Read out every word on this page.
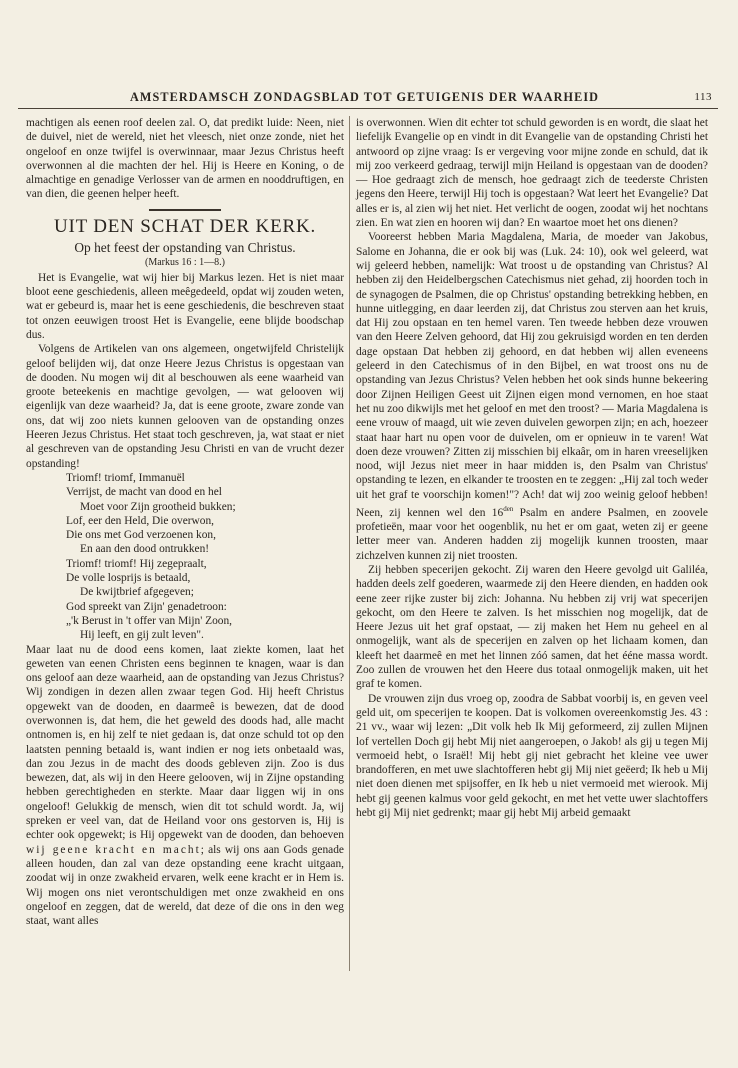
AMSTERDAMSCH ZONDAGSBLAD TOT GETUIGENIS DER WAARHEID	113

machtigen als eenen roof deelen zal. O, dat predikt luide: Neen, niet de duivel, niet de wereld, niet het vleesch, niet onze zonde, niet het ongeloof en onze twijfel is overwinnaar, maar Jezus Christus heeft overwonnen al die machten der hel. Hij is Heere en Koning, o de almachtige en genadige Verlosser van de armen en nooddruftigen, en van dien, die geenen helper heeft.

UIT DEN SCHAT DER KERK.
Op het feest der opstanding van Christus.
(Markus 16 : 1—8.)

Het is Evangelie, wat wij hier bij Markus lezen. Het is niet maar bloot eene geschiedenis, alleen meêgedeeld, opdat wij zouden weten, wat er gebeurd is, maar het is eene geschiedenis, die beschreven staat tot onzen eeuwigen troost Het is Evangelie, eene blijde boodschap dus.

Volgens de Artikelen van ons algemeen, ongetwijfeld Christelijk geloof belijden wij, dat onze Heere Jezus Christus is opgestaan van de dooden. Nu mogen wij dit al beschouwen als eene waarheid van groote beteekenis en machtige gevolgen, — wat gelooven wij eigenlijk van deze waarheid? Ja, dat is eene groote, zware zonde van ons, dat wij zoo niets kunnen gelooven van de opstanding onzes Heeren Jezus Christus. Het staat toch geschreven, ja, wat staat er niet al geschreven van de opstanding Jesu Christi en van de vrucht dezer opstanding!

Triomf! triomf, Immanuël
Verrijst, de macht van dood en hel
Moet voor Zijn grootheid bukken;
Lof, eer den Held, Die overwon,
Die ons met God verzoenen kon,
En aan den dood ontrukken!
Triomf! triomf! Hij zegepraalt,
De volle losprijs is betaald,
De kwijtbrief afgegeven;
God spreekt van Zijn' genadetroon:
„'k Berust in 't offer van Mijn' Zoon,
Hij leeft, en gij zult leven".

Maar laat nu de dood eens komen, laat ziekte komen, laat het geweten van eenen Christen eens beginnen te knagen, waar is dan ons geloof aan deze waarheid, aan de opstanding van Jezus Christus? Wij zondigen in dezen allen zwaar tegen God. Hij heeft Christus opgewekt van de dooden, en daarmeê is bewezen, dat de dood overwonnen is, dat hem, die het geweld des doods had, alle macht ontnomen is, en hij zelf te niet gedaan is, dat onze schuld tot op den laatsten penning betaald is, want indien er nog iets onbetaald was, dan zou Jezus in de macht des doods gebleven zijn. Zoo is dus bewezen, dat, als wij in den Heere gelooven, wij in Zijne opstanding hebben gerechtigheden en sterkte. Maar daar liggen wij in ons ongeloof! Gelukkig de mensch, wien dit tot schuld wordt. Ja, wij spreken er veel van, dat de Heiland voor ons gestorven is, Hij is echter ook opgewekt; is Hij opgewekt van de dooden, dan behoeven wij geene kracht en macht; als wij ons aan Gods genade alleen houden, dan zal van deze opstanding eene kracht uitgaan, zoodat wij in onze zwakheid ervaren, welk eene kracht er in Hem is. Wij mogen ons niet verontschuldigen met onze zwakheid en ons ongeloof en zeggen, dat de wereld, dat deze of die ons in den weg staat, want alles

is overwonnen. Wien dit echter tot schuld geworden is en wordt, die slaat het liefelijk Evangelie op en vindt in dit Evangelie van de opstanding Christi het antwoord op zijne vraag: Is er vergeving voor mijne zonde en schuld, dat ik mij zoo verkeerd gedraag, terwijl mijn Heiland is opgestaan van de dooden? — Hoe gedraagt zich de mensch, hoe gedraagt zich de teederste Christen jegens den Heere, terwijl Hij toch is opgestaan? Wat leert het Evangelie? Dat alles er is, al zien wij het niet. Het verlicht de oogen, zoodat wij het nochtans zien. En wat zien en hooren wij dan? En waartoe moet het ons dienen?

Vooreerst hebben Maria Magdalena, Maria, de moeder van Jakobus, Salome en Johanna, die er ook bij was (Luk. 24: 10), ook wel geleerd, wat wij geleerd hebben, namelijk: Wat troost u de opstanding van Christus? Al hebben zij den Heidelbergschen Catechismus niet gehad, zij hoorden toch in de synagogen de Psalmen, die op Christus' opstanding betrekking hebben, en hunne uitlegging, en daar leerden zij, dat Christus zou sterven aan het kruis, dat Hij zou opstaan en ten hemel varen. Ten tweede hebben deze vrouwen van den Heere Zelven gehoord, dat Hij zou gekruisigd worden en ten derden dage opstaan Dat hebben zij gehoord, en dat hebben wij allen eveneens geleerd in den Catechismus of in den Bijbel, en wat troost ons nu de opstanding van Jezus Christus? Velen hebben het ook sinds hunne bekeering door Zijnen Heiligen Geest uit Zijnen eigen mond vernomen, en hoe staat het nu zoo dikwijls met het geloof en met den troost? — Maria Magdalena is eene vrouw of maagd, uit wie zeven duivelen geworpen zijn; en ach, hoezeer staat haar hart nu open voor de duivelen, om er opnieuw in te varen! Wat doen deze vrouwen? Zitten zij misschien bij elkaâr, om in haren vreeselijken nood, wijl Jezus niet meer in haar midden is, den Psalm van Christus' opstanding te lezen, en elkander te troosten en te zeggen: „Hij zal toch weder uit het graf te voorschijn komen!"? Ach! dat wij zoo weinig geloof hebben! Neen, zij kennen wel den $16^{den}$ Psalm en andere Psalmen, en zoovele profetieën, maar voor het oogenblik, nu het er om gaat, weten zij er geene letter meer van. Anderen hadden zij mogelijk kunnen troosten, maar zichzelven kunnen zij niet troosten.

Zij hebben specerijen gekocht. Zij waren den Heere gevolgd uit Galiléa, hadden deels zelf goederen, waarmede zij den Heere dienden, en hadden ook eene zeer rijke zuster bij zich: Johanna. Nu hebben zij vrij wat specerijen gekocht, om den Heere te zalven. Is het misschien nog mogelijk, dat de Heere Jezus uit het graf opstaat, — zij maken het Hem nu geheel en al onmogelijk, want als de specerijen en zalven op het lichaam komen, dan kleeft het daarmeê en met het linnen zóó samen, dat het ééne massa wordt. Zoo zullen de vrouwen het den Heere dus totaal onmogelijk maken, uit het graf te komen.

De vrouwen zijn dus vroeg op, zoodra de Sabbat voorbij is, en geven veel geld uit, om specerijen te koopen. Dat is volkomen overeenkomstig Jes. 43 : 21 vv., waar wij lezen: „Dit volk heb Ik Mij geformeerd, zij zullen Mijnen lof vertellen Doch gij hebt Mij niet aangeroepen, o Jakob! als gij u tegen Mij vermoeid hebt, o Israël! Mij hebt gij niet gebracht het kleine vee uwer brandofferen, en met uwe slachtofferen hebt gij Mij niet geëerd; Ik heb u Mij niet doen dienen met spijsoffer, en Ik heb u niet vermoeid met wierook. Mij hebt gij geenen kalmus voor geld gekocht, en met het vette uwer slachtoffers hebt gij Mij niet gedrenkt; maar gij hebt Mij arbeid gemaakt
